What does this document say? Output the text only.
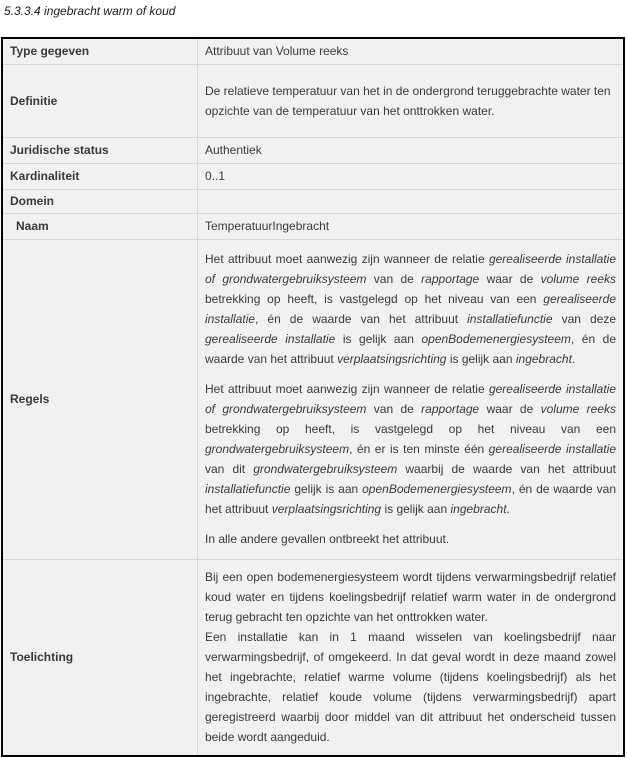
5.3.3.4 ingebracht warm of koud
Type gegeven	Attribuut van Volume reeks
Definitie	De relatieve temperatuur van het in de ondergrond teruggebrachte water ten opzichte van de temperatuur van het onttrokken water.
Juridische status	Authentiek
Kardinaliteit	0..1
Domein	
Naam	TemperatuurIngebracht
Regels	Het attribuut moet aanwezig zijn wanneer de relatie gerealiseerde installatie of grondwatergebruiksysteem van de rapportage waar de volume reeks betrekking op heeft, is vastgelegd op het niveau van een gerealiseerde installatie, én de waarde van het attribuut installatiefunctie van deze gerealiseerde installatie is gelijk aan openBodemenergiesysteem, én de waarde van het attribuut verplaatsingsrichting is gelijk aan ingebracht.

Het attribuut moet aanwezig zijn wanneer de relatie gerealiseerde installatie of grondwatergebruiksysteem van de rapportage waar de volume reeks betrekking op heeft, is vastgelegd op het niveau van een grondwatergebruiksysteem, én er is ten minste één gerealiseerde installatie van dit grondwatergebruiksysteem waarbij de waarde van het attribuut installatiefunctie gelijk is aan openBodemenergiesysteem, én de waarde van het attribuut verplaatsingsrichting is gelijk aan ingebracht.

In alle andere gevallen ontbreekt het attribuut.

Toelichting	Bij een open bodemenergiesysteem wordt tijdens verwarmingsbedrijf relatief koud water en tijdens koelingsbedrijf relatief warm water in de ondergrond terug gebracht ten opzichte van het onttrokken water.

Een installatie kan in 1 maand wisselen van koelingsbedrijf naar verwarmingsbedrijf, of omgekeerd. In dat geval wordt in deze maand zowel het ingebrachte, relatief warme volume (tijdens koelingsbedrijf) als het ingebrachte, relatief koude volume (tijdens verwarmingsbedrijf) apart geregistreerd waarbij door middel van dit attribuut het onderscheid tussen beide wordt aangeduid.
